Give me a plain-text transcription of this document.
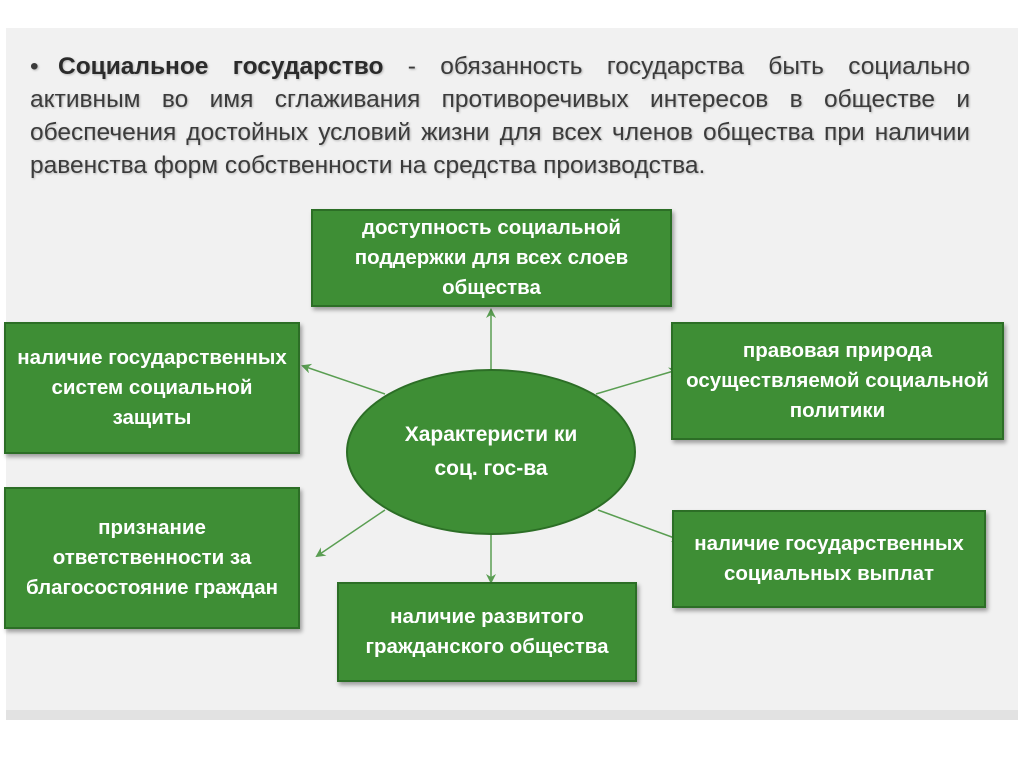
• Социальное государство - обязанность государства быть социально активным во имя сглаживания противоречивых интересов в обществе и обеспечения достойных условий жизни для всех членов общества при наличии равенства форм собственности на средства производства.
доступность социальной поддержки для всех слоев общества
наличие государственных систем социальной защиты
правовая природа осуществляемой социальной политики
Характеристи ки соц. гос-ва
признание ответственности за благосостояние граждан
наличие развитого гражданского общества
наличие государственных социальных выплат
